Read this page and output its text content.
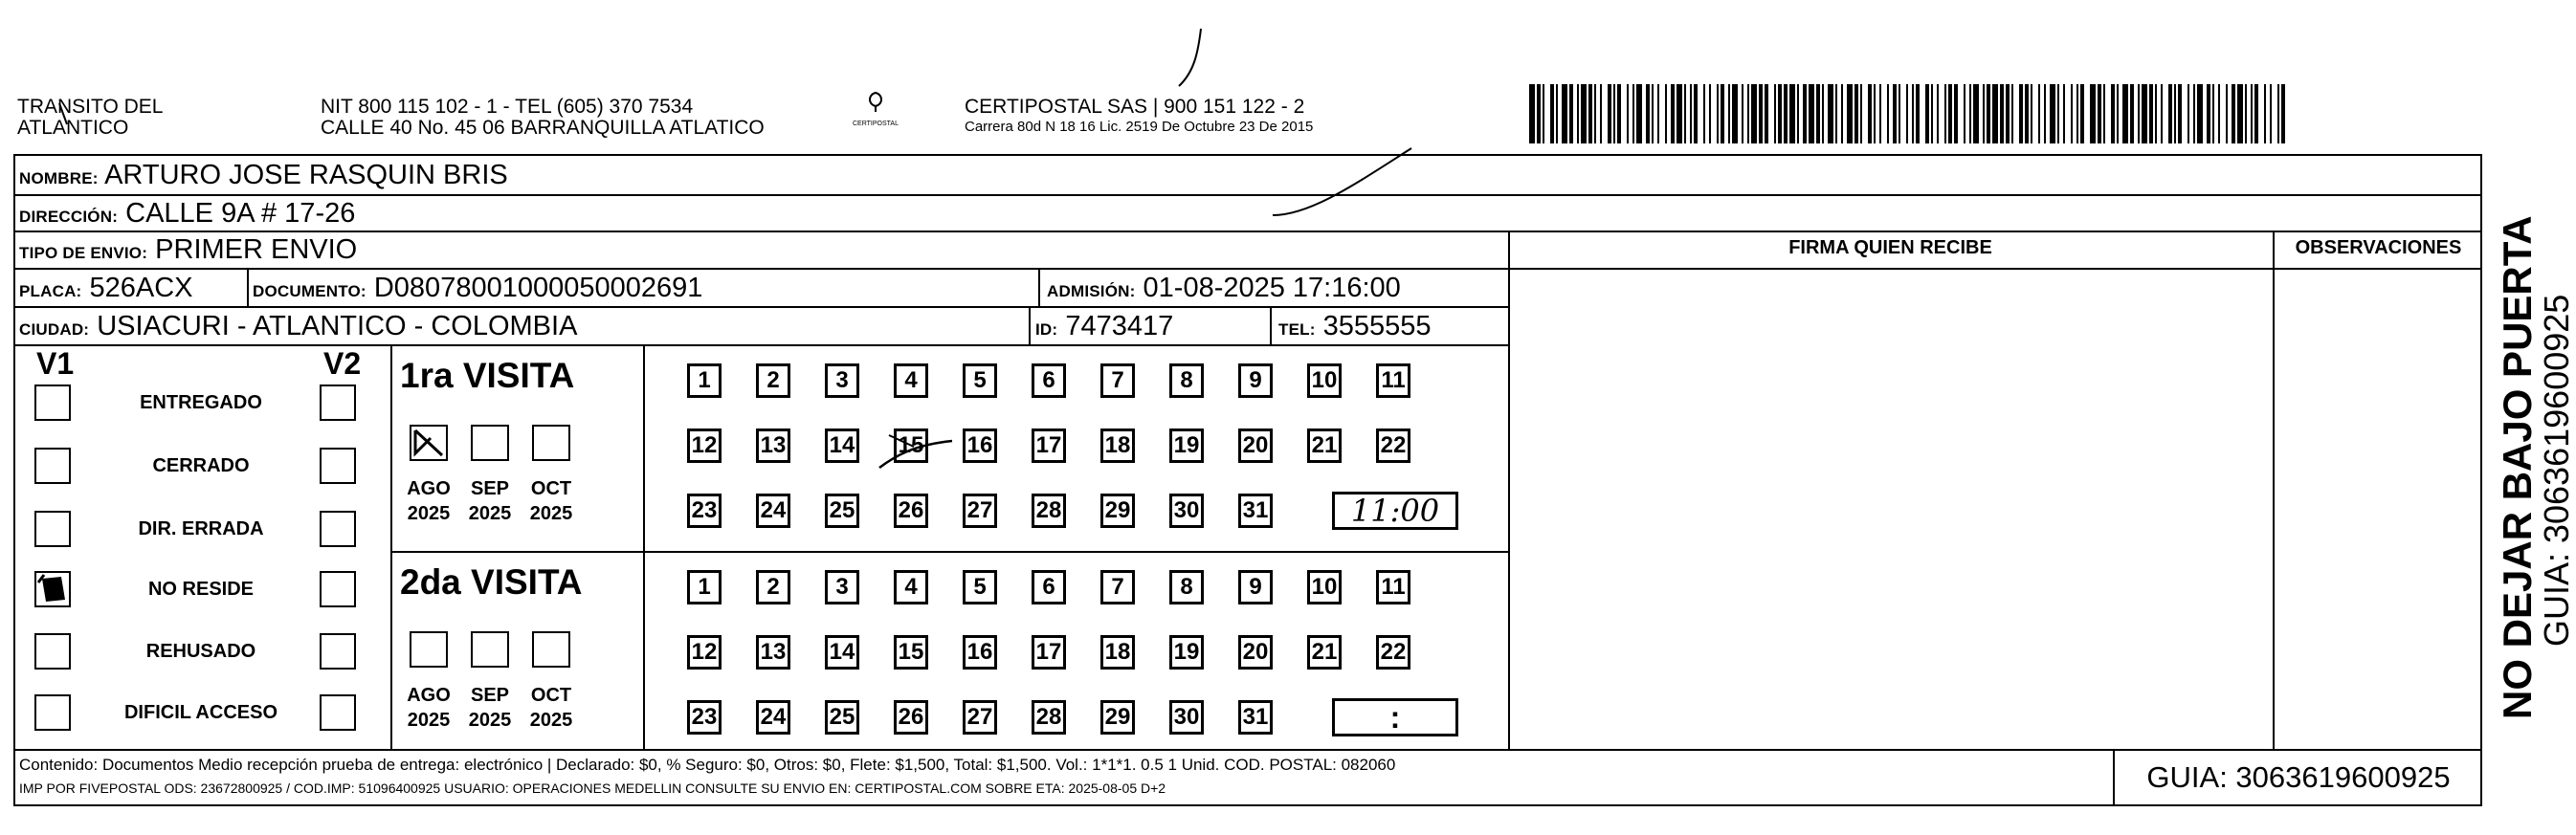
TRANSITO DEL
ATLANTICO
NIT 800 115 102 - 1 - TEL (605) 370 7534
CALLE 40 No. 45 06 BARRANQUILLA ATLATICO	CERTIPOSTAL
CERTIPOSTAL SAS | 900 151 122 - 2
Carrera 80d N 18 16 Lic. 2519 De Octubre 23 De 2015
NOMBRE: ARTURO JOSE RASQUIN BRIS
DIRECCIÓN: CALLE 9A # 17-26
TIPO DE ENVIO: PRIMER ENVIO
PLACA: 526ACX	DOCUMENTO: D08078001000050002691	ADMISIÓN: 01-08-2025 17:16:00
CIUDAD: USIACURI - ATLANTICO - COLOMBIA	ID: 7473417	TEL: 3555555
FIRMA QUIEN RECIBE	OBSERVACIONES
V1	V2
ENTREGADO
CERRADO
DIR. ERRADA
NO RESIDE
REHUSADO
DIFICIL ACCESO
1ra VISITA
AGO
2025
SEP
2025
OCT
2025
1	2	3	4	5	6	7	8	9	10 11
12 13 14 15 16 17 18 19 20 21 22
23 24 25 26 27 28 29 30 31	11:00
2da VISITA
AGO
2025
SEP
2025
OCT
2025
1	2	3	4	5	6	7	8	9	10 11
12 13 14 15 16 17 18 19 20 21 22
23 24 25 26 27 28 29 30 31	:
Contenido: Documentos Medio recepción prueba de entrega: electrónico | Declarado: $0, % Seguro: $0, Otros: $0, Flete: $1,500, Total: $1,500. Vol.: 1*1*1. 0.5 1 Unid. COD. POSTAL: 082060
IMP POR FIVEPOSTAL ODS: 23672800925 / COD.IMP: 51096400925 USUARIO: OPERACIONES MEDELLIN CONSULTE SU ENVIO EN: CERTIPOSTAL.COM SOBRE ETA: 2025-08-05 D+2	GUIA: 3063619600925
NO DEJAR BAJO PUERTA
GUIA: 3063619600925
